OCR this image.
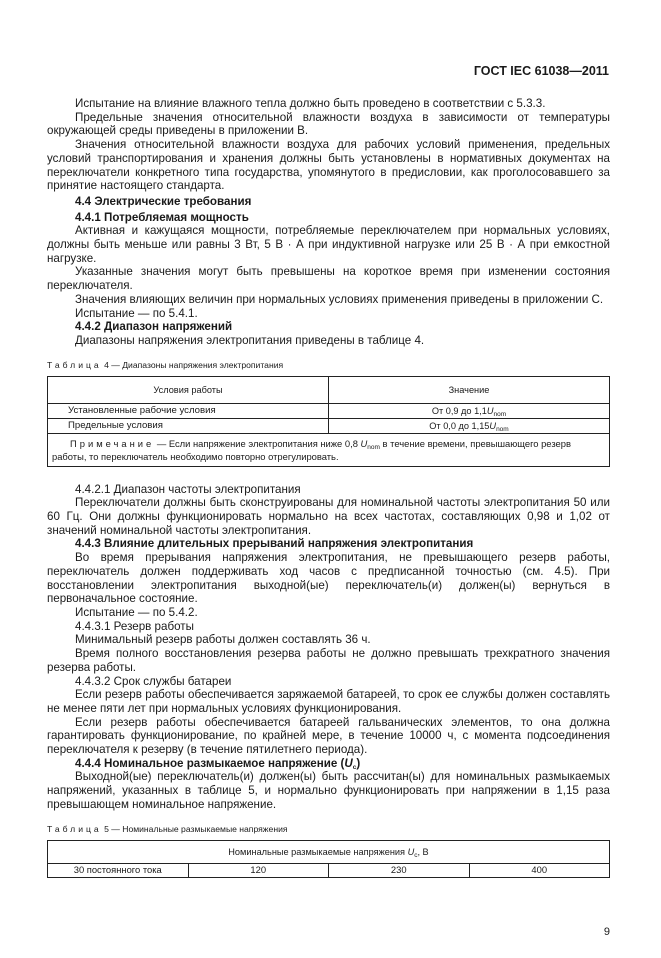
ГОСТ IEC 61038—2011

Испытание на влияние влажного тепла должно быть проведено в соответствии с 5.3.3.

Предельные значения относительной влажности воздуха в зависимости от температуры окружающей среды приведены в приложении В.

Значения относительной влажности воздуха для рабочих условий применения, предельных условий транспортирования и хранения должны быть установлены в нормативных документах на переключатели конкретного типа государства, упомянутого в предисловии, как проголосовавшего за принятие настоящего стандарта.

4.4 Электрические требования
4.4.1 Потребляемая мощность

Активная и кажущаяся мощности, потребляемые переключателем при нормальных условиях, должны быть меньше или равны 3 Вт, 5 В · А при индуктивной нагрузке или 25 В · А при емкостной нагрузке.

Указанные значения могут быть превышены на короткое время при изменении состояния переключателя.

Значения влияющих величин при нормальных условиях применения приведены в приложении С.

Испытание — по 5.4.1.

4.4.2 Диапазон напряжений

Диапазоны напряжения электропитания приведены в таблице 4.

Таблица 4 — Диапазоны напряжения электропитания
Условия работы	Значение
Установленные рабочие условия	От 0,9 до $1,1U_{nom}$
Предельные условия	От 0,0 до $1,15U_{nom}$
Примечание — Если напряжение электропитания ниже 0,8 $U_{nom}$ в течение времени, превышающего резерв работы, то переключатель необходимо повторно отрегулировать.	

4.4.2.1 Диапазон частоты электропитания

Переключатели должны быть сконструированы для номинальной частоты электропитания 50 или 60 Гц. Они должны функционировать нормально на всех частотах, составляющих 0,98 и 1,02 от значений номинальной частоты электропитания.

4.4.3 Влияние длительных прерываний напряжения электропитания

Во время прерывания напряжения электропитания, не превышающего резерв работы, переключатель должен поддерживать ход часов с предписанной точностью (см. 4.5). При восстановлении электропитания выходной(ые) переключатель(и) должен(ы) вернуться в первоначальное состояние.

Испытание — по 5.4.2.

4.4.3.1 Резерв работы

Минимальный резерв работы должен составлять 36 ч.

Время полного восстановления резерва работы не должно превышать трехкратного значения резерва работы.

4.4.3.2 Срок службы батареи

Если резерв работы обеспечивается заряжаемой батареей, то срок ее службы должен составлять не менее пяти лет при нормальных условиях функционирования.

Если резерв работы обеспечивается батареей гальванических элементов, то она должна гарантировать функционирование, по крайней мере, в течение 10000 ч, с момента подсоединения переключателя к резерву (в течение пятилетнего периода).

4.4.4 Номинальное размыкаемое напряжение $(U_c)$

Выходной(ые) переключатель(и) должен(ы) быть рассчитан(ы) для номинальных размыкаемых напряжений, указанных в таблице 5, и нормально функционировать при напряжении в 1,15 раза превышающем номинальное напряжение.

Таблица 5 — Номинальные размыкаемые напряжения
Номинальные размыкаемые напряжения $U_c$, В
30 постоянного тока	120	230	400
9
